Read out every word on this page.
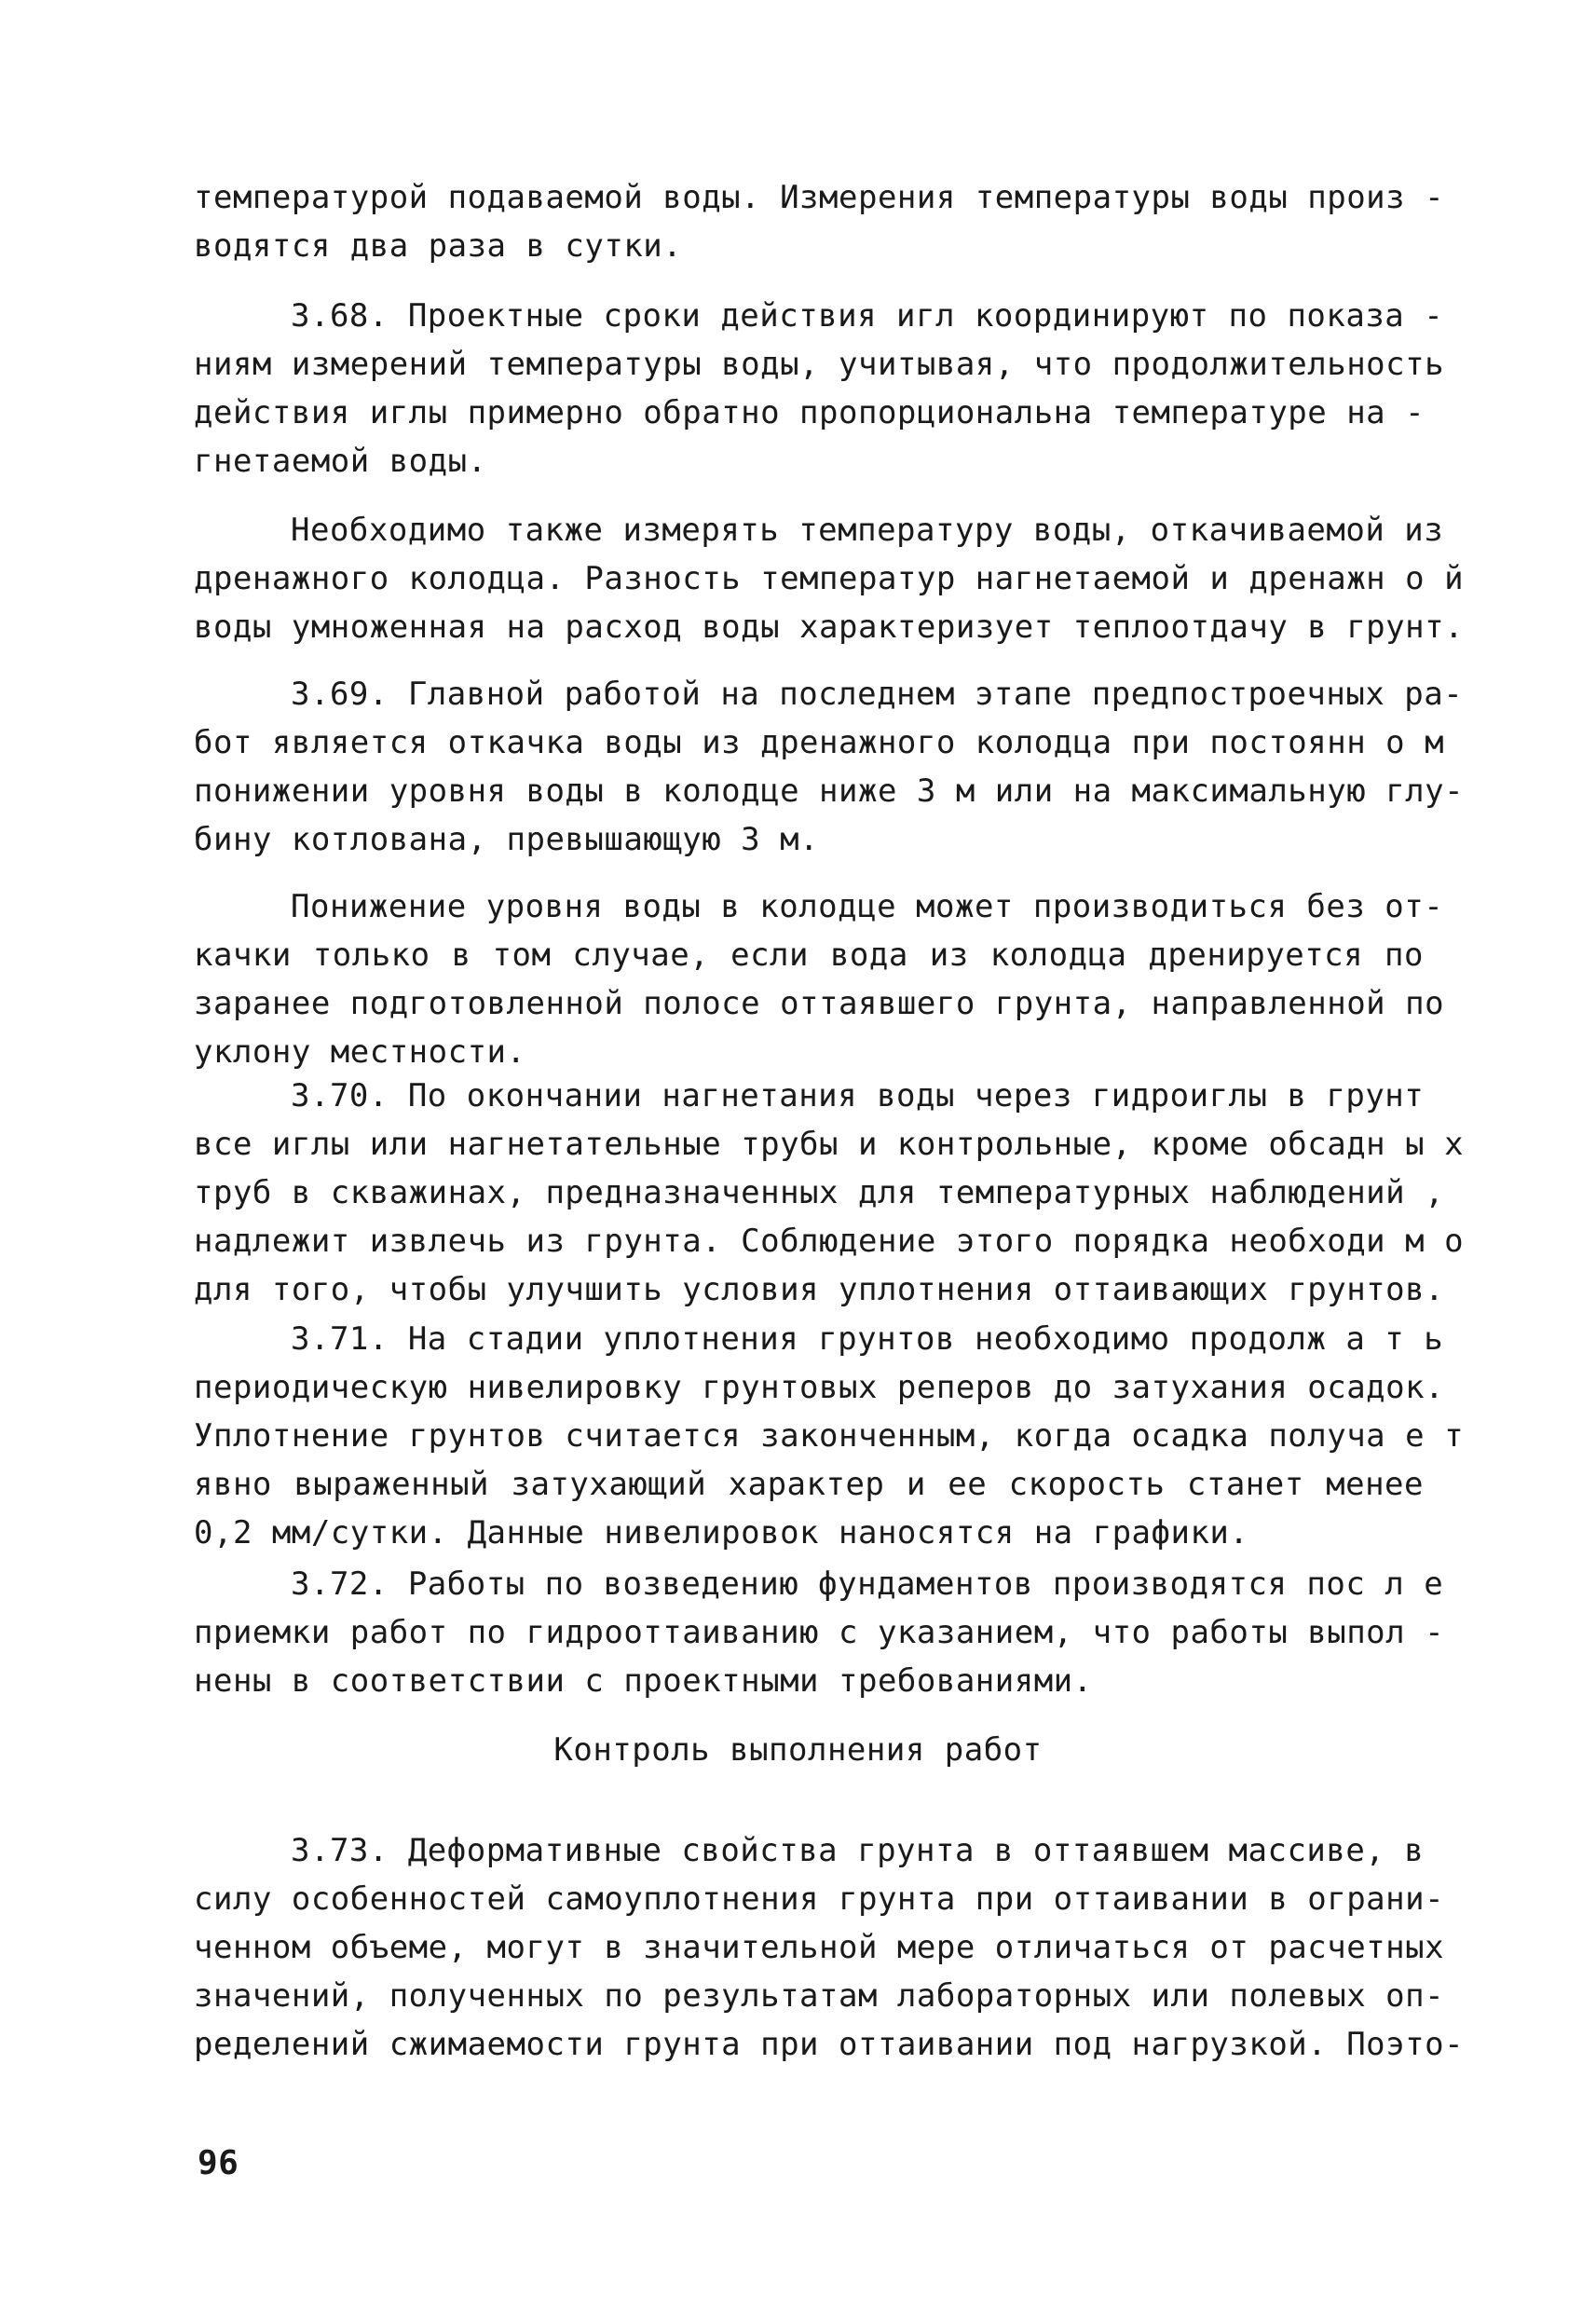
Контроль выполнения работ
96
температурой подаваемой воды. Измерения температуры воды произ -
водятся два раза в сутки.
3.68. Проектные сроки действия игл координируют по показа -
ниям измерений температуры воды, учитывая, что продолжительность
действия иглы примерно обратно пропорциональна температуре на -
гнетаемой воды.
Необходимо также измерять температуру воды, откачиваемой из
дренажного колодца. Разность температур нагнетаемой и дренажн о й
воды умноженная на расход воды характеризует теплоотдачу в грунт.
3.69. Главной работой на последнем этапе предпостроечных ра-
бот является откачка воды из дренажного колодца при постоянн о м
понижении уровня воды в колодце ниже 3 м или на максимальную глу-
бину котлована, превышающую 3 м.
Понижение уровня воды в колодце может производиться без от-
качки только в том случае, если вода из колодца дренируется по
заранее подготовленной полосе оттаявшего грунта, направленной по
уклону местности.
3.70. По окончании нагнетания воды через гидроиглы в грунт
все иглы или нагнетательные трубы и контрольные, кроме обсадн ы х
труб в скважинах, предназначенных для температурных наблюдений ,
надлежит извлечь из грунта. Соблюдение этого порядка необходи м о
для того, чтобы улучшить условия уплотнения оттаивающих грунтов.
3.71. На стадии уплотнения грунтов необходимо продолж а т ь
периодическую нивелировку грунтовых реперов до затухания осадок.
Уплотнение грунтов считается законченным, когда осадка получа е т
явно выраженный затухающий характер и ее скорость станет менее
0,2 мм/сутки. Данные нивелировок наносятся на графики.
3.72. Работы по возведению фундаментов производятся пос л е
приемки работ по гидрооттаиванию с указанием, что работы выпол -
нены в соответствии с проектными требованиями.
3.73. Деформативные свойства грунта в оттаявшем массиве, в
силу особенностей самоуплотнения грунта при оттаивании в ограни-
ченном объеме, могут в значительной мере отличаться от расчетных
значений, полученных по результатам лабораторных или полевых оп-
ределений сжимаемости грунта при оттаивании под нагрузкой. Поэто-
